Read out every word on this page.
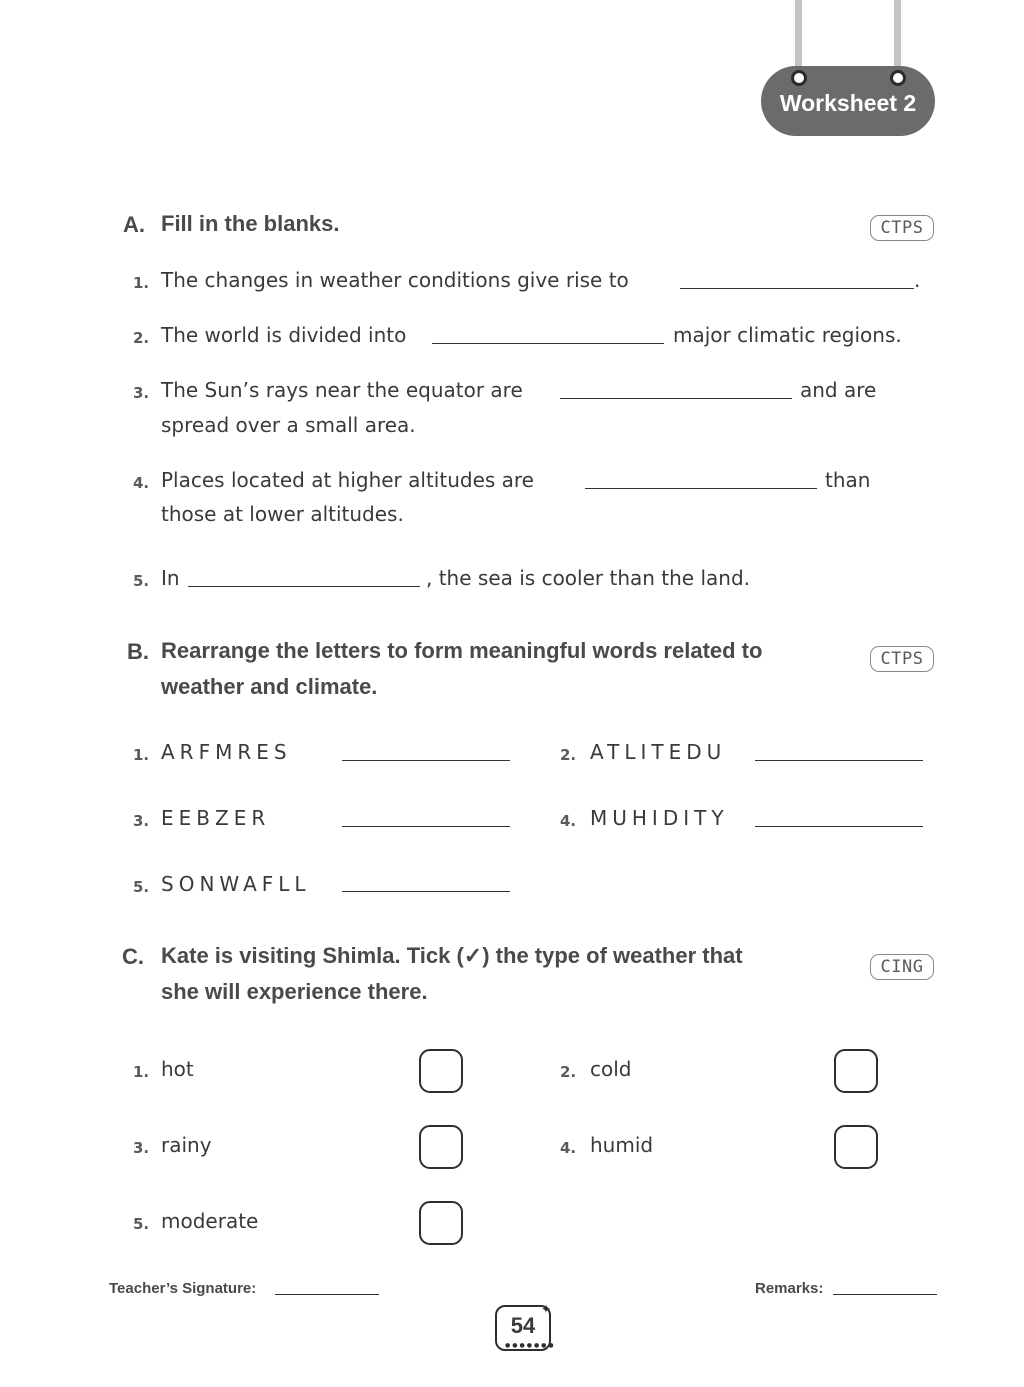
Worksheet 2
A. Fill in the blanks.	CTPS
1. The changes in weather conditions give rise to	.
2. The world is divided into	major climatic regions.
3. The Sun’s rays near the equator are	and are
spread over a small area.
4. Places located at higher altitudes are	than
those at lower altitudes.
5. In	, the sea is cooler than the land.
B. Rearrange the letters to form meaningful words related to
weather and climate.
CTPS
1. ARFMRES	2. ATLITEDU
3. EEBZER	4. MUHIDITY
5. SONWAFLL
C. Kate is visiting Shimla. Tick (✓) the type of weather that
she will experience there.
CING
1. hot	2. cold
3. rainy	4. humid
5. moderate
Teacher’s Signature:	Remarks:
54
●●●●●●●
✦
